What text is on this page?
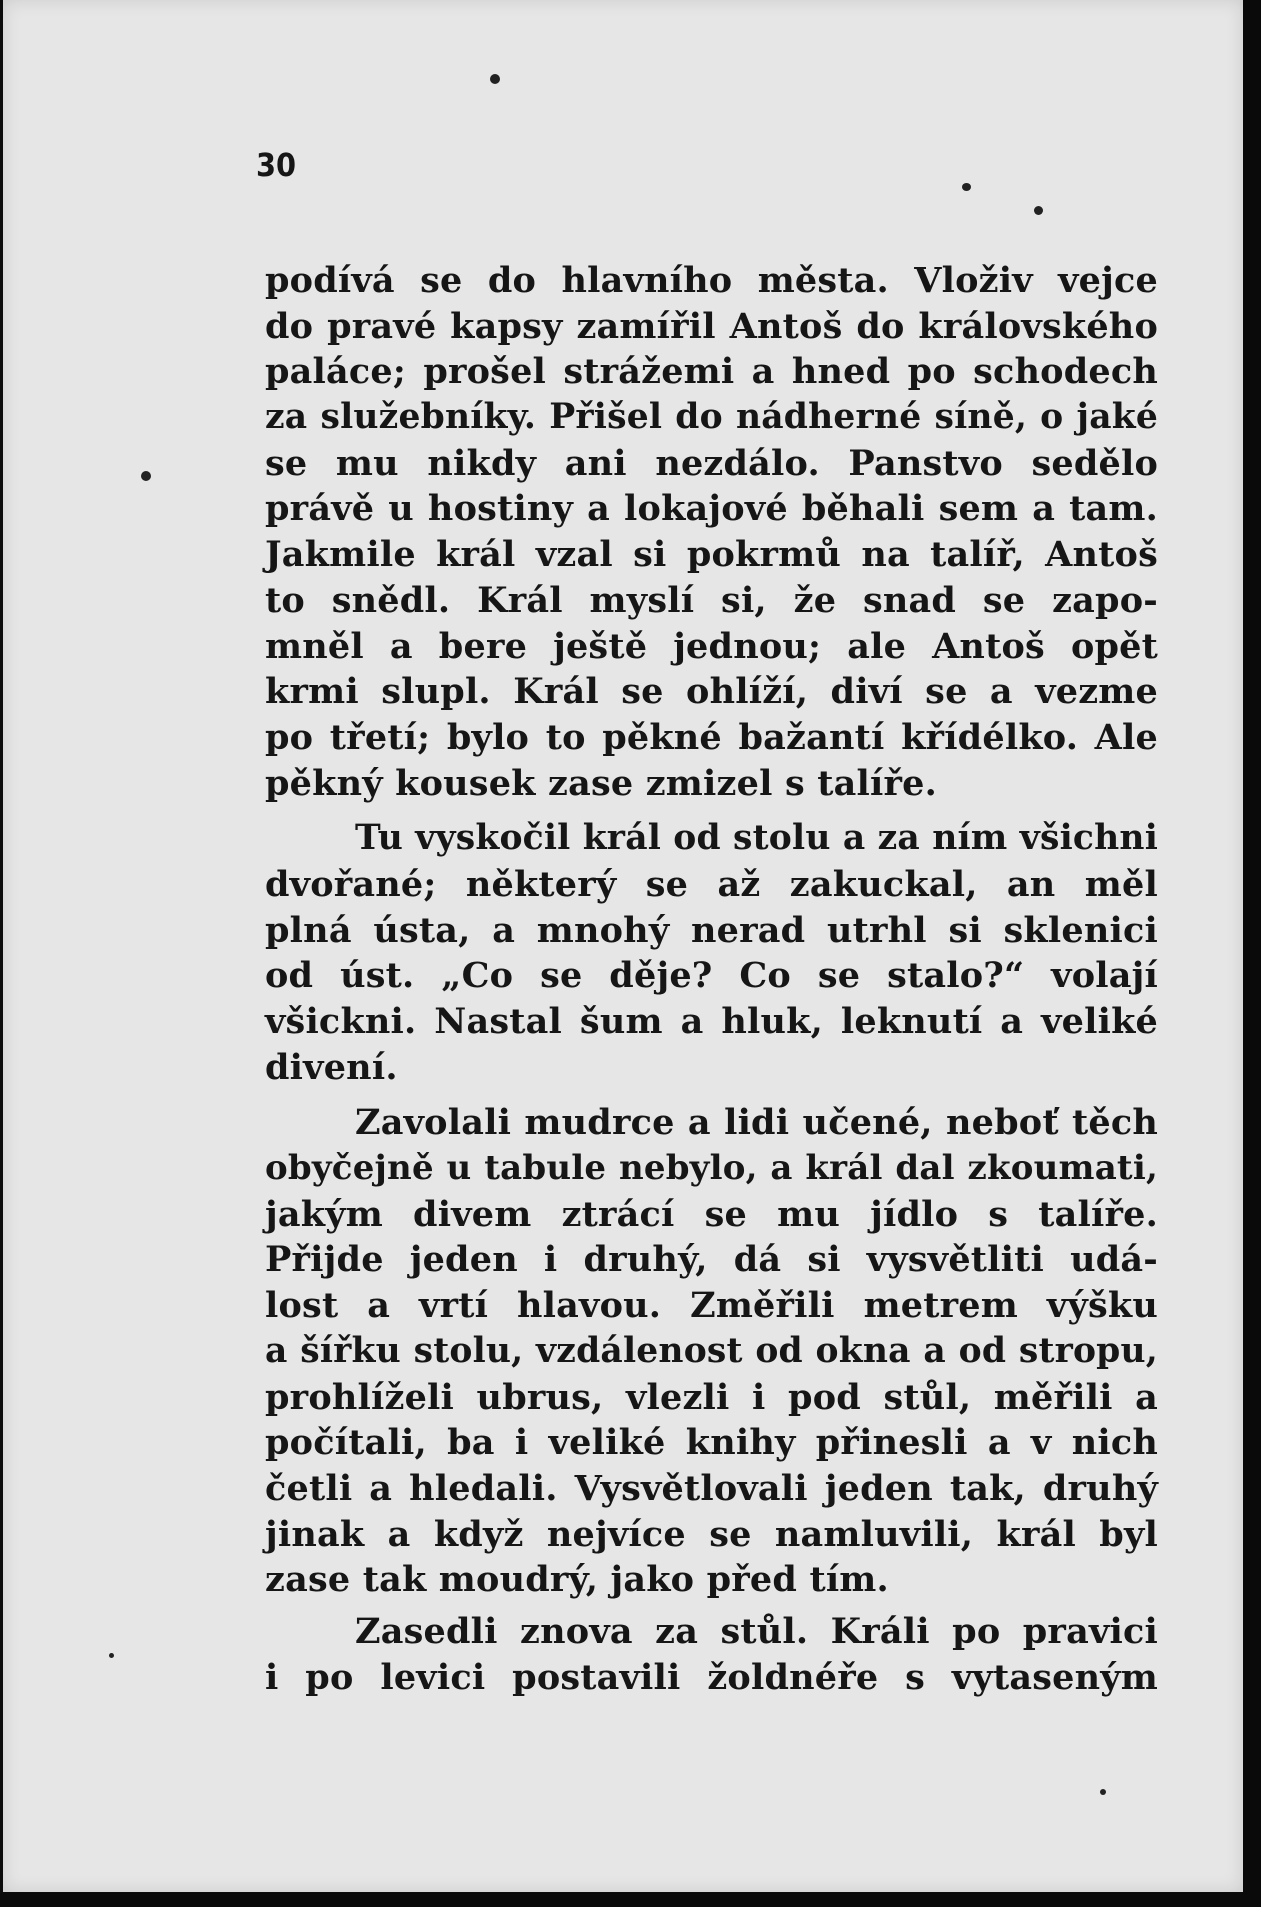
30
podívá se do hlavního města. Vloživ vejce
do pravé kapsy zamířil Antoš do královského
paláce; prošel strážemi a hned po schodech
za služebníky. Přišel do nádherné síně, o jaké
se mu nikdy ani nezdálo. Panstvo sedělo
právě u hostiny a lokajové běhali sem a tam.
Jakmile král vzal si pokrmů na talíř, Antoš
to snědl. Král myslí si, že snad se zapo-
mněl a bere ještě jednou; ale Antoš opět
krmi slupl. Král se ohlíží, diví se a vezme
po třetí; bylo to pěkné bažantí křídélko. Ale
pěkný kousek zase zmizel s talíře.
Tu vyskočil král od stolu a za ním všichni
dvořané; některý se až zakuckal, an měl
plná ústa, a mnohý nerad utrhl si sklenici
od úst. „Co se děje? Co se stalo?“ volají
všickni. Nastal šum a hluk, leknutí a veliké
divení.
Zavolali mudrce a lidi učené, neboť těch
obyčejně u tabule nebylo, a král dal zkoumati,
jakým divem ztrácí se mu jídlo s talíře.
Přijde jeden i druhý, dá si vysvětliti udá-
lost a vrtí hlavou. Změřili metrem výšku
a šířku stolu, vzdálenost od okna a od stropu,
prohlíželi ubrus, vlezli i pod stůl, měřili a
počítali, ba i veliké knihy přinesli a v nich
četli a hledali. Vysvětlovali jeden tak, druhý
jinak a když nejvíce se namluvili, král byl
zase tak moudrý, jako před tím.
Zasedli znova za stůl. Králi po pravici
i po levici postavili žoldnéře s vytaseným
